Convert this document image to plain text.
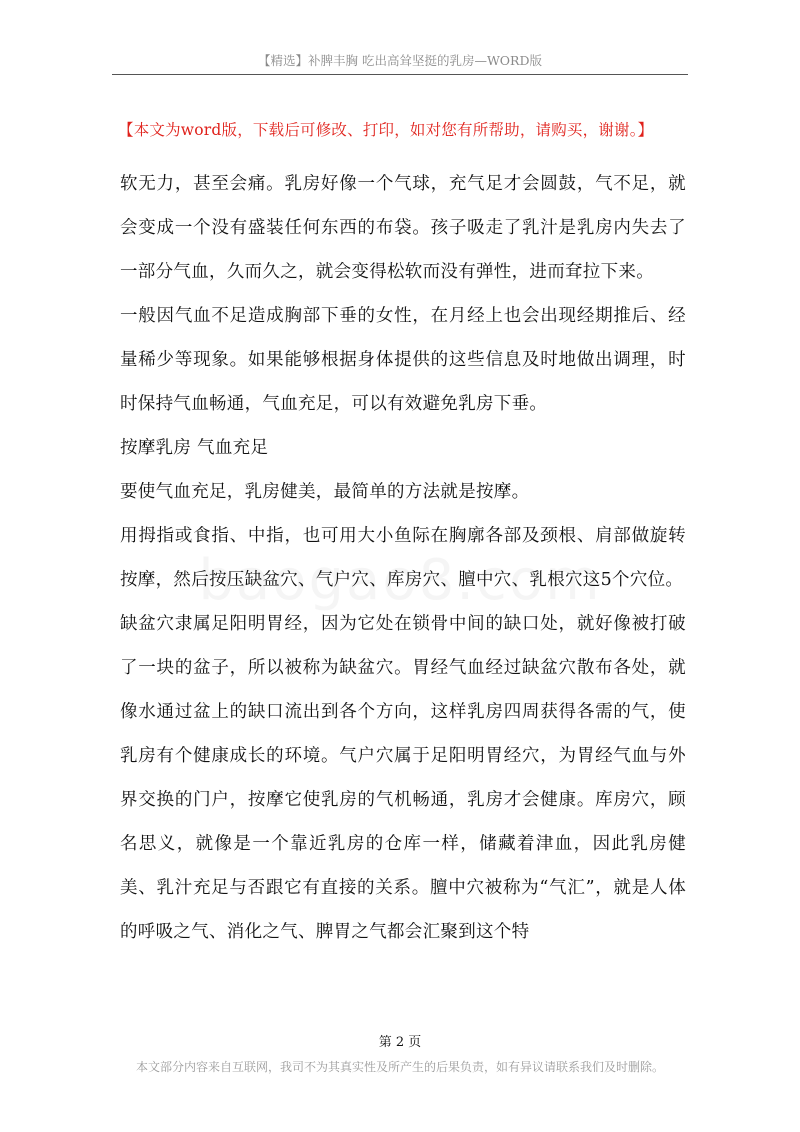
【精选】补脾丰胸 吃出高耸坚挺的乳房—WORD版
【本文为word版，下载后可修改、打印，如对您有所帮助，请购买，谢谢。】

软无力，甚至会痛。乳房好像一个气球，充气足才会圆鼓，气不足，就会变成一个没有盛装任何东西的布袋。孩子吸走了乳汁是乳房内失去了一部分气血，久而久之，就会变得松软而没有弹性，进而耷拉下来。

一般因气血不足造成胸部下垂的女性，在月经上也会出现经期推后、经量稀少等现象。如果能够根据身体提供的这些信息及时地做出调理，时时保持气血畅通，气血充足，可以有效避免乳房下垂。

按摩乳房 气血充足

要使气血充足，乳房健美，最简单的方法就是按摩。

用拇指或食指、中指，也可用大小鱼际在胸廓各部及颈根、肩部做旋转按摩，然后按压缺盆穴、气户穴、库房穴、膻中穴、乳根穴这5个穴位。

缺盆穴隶属足阳明胃经，因为它处在锁骨中间的缺口处，就好像被打破了一块的盆子，所以被称为缺盆穴。胃经气血经过缺盆穴散布各处，就像水通过盆上的缺口流出到各个方向，这样乳房四周获得各需的气，使乳房有个健康成长的环境。气户穴属于足阳明胃经穴，为胃经气血与外界交换的门户，按摩它使乳房的气机畅通，乳房才会健康。库房穴，顾名思义，就像是一个靠近乳房的仓库一样，储藏着津血，因此乳房健美、乳汁充足与否跟它有直接的关系。膻中穴被称为“气汇”，就是人体的呼吸之气、消化之气、脾胃之气都会汇聚到这个特

第 2 页
本文部分内容来自互联网，我司不为其真实性及所产生的后果负责，如有异议请联系我们及时删除。
